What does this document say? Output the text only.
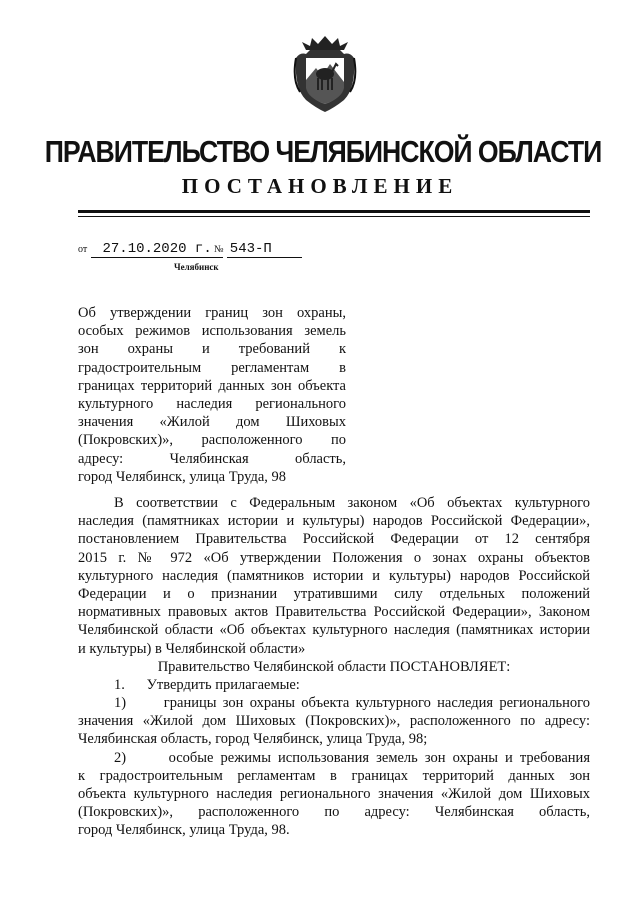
ПРАВИТЕЛЬСТВО ЧЕЛЯБИНСКОЙ ОБЛАСТИ
ПОСТАНОВЛЕНИЕ
от 27.10.2020 г. № 543-П
Челябинск
Об утверждении границ зон охраны,
особых режимов использования земель
зон охраны и требований к
градостроительным регламентам в
границах территорий данных зон объекта
культурного наследия регионального
значения «Жилой дом Шиховых
(Покровских)», расположенного по
адресу: Челябинская область,
город Челябинск, улица Труда, 98
В соответствии с Федеральным законом «Об объектах культурного
наследия (памятниках истории и культуры) народов Российской Федерации»,
постановлением Правительства Российской Федерации от 12 сентября
2015 г. № 972 «Об утверждении Положения о зонах охраны объектов
культурного наследия (памятников истории и культуры) народов Российской
Федерации и о признании утратившими силу отдельных положений
нормативных правовых актов Правительства Российской Федерации», Законом
Челябинской области «Об объектах культурного наследия (памятниках истории
и культуры) в Челябинской области»
Правительство Челябинской области ПОСТАНОВЛЯЕТ:
1.      Утвердить прилагаемые:
1)      границы зон охраны объекта культурного наследия регионального
значения «Жилой дом Шиховых (Покровских)», расположенного по адресу:
Челябинская область, город Челябинск, улица Труда, 98;
2)      особые режимы использования земель зон охраны и требования
к градостроительным регламентам в границах территорий данных зон
объекта культурного наследия регионального значения «Жилой дом Шиховых
(Покровских)», расположенного по адресу: Челябинская область,
город Челябинск, улица Труда, 98.
